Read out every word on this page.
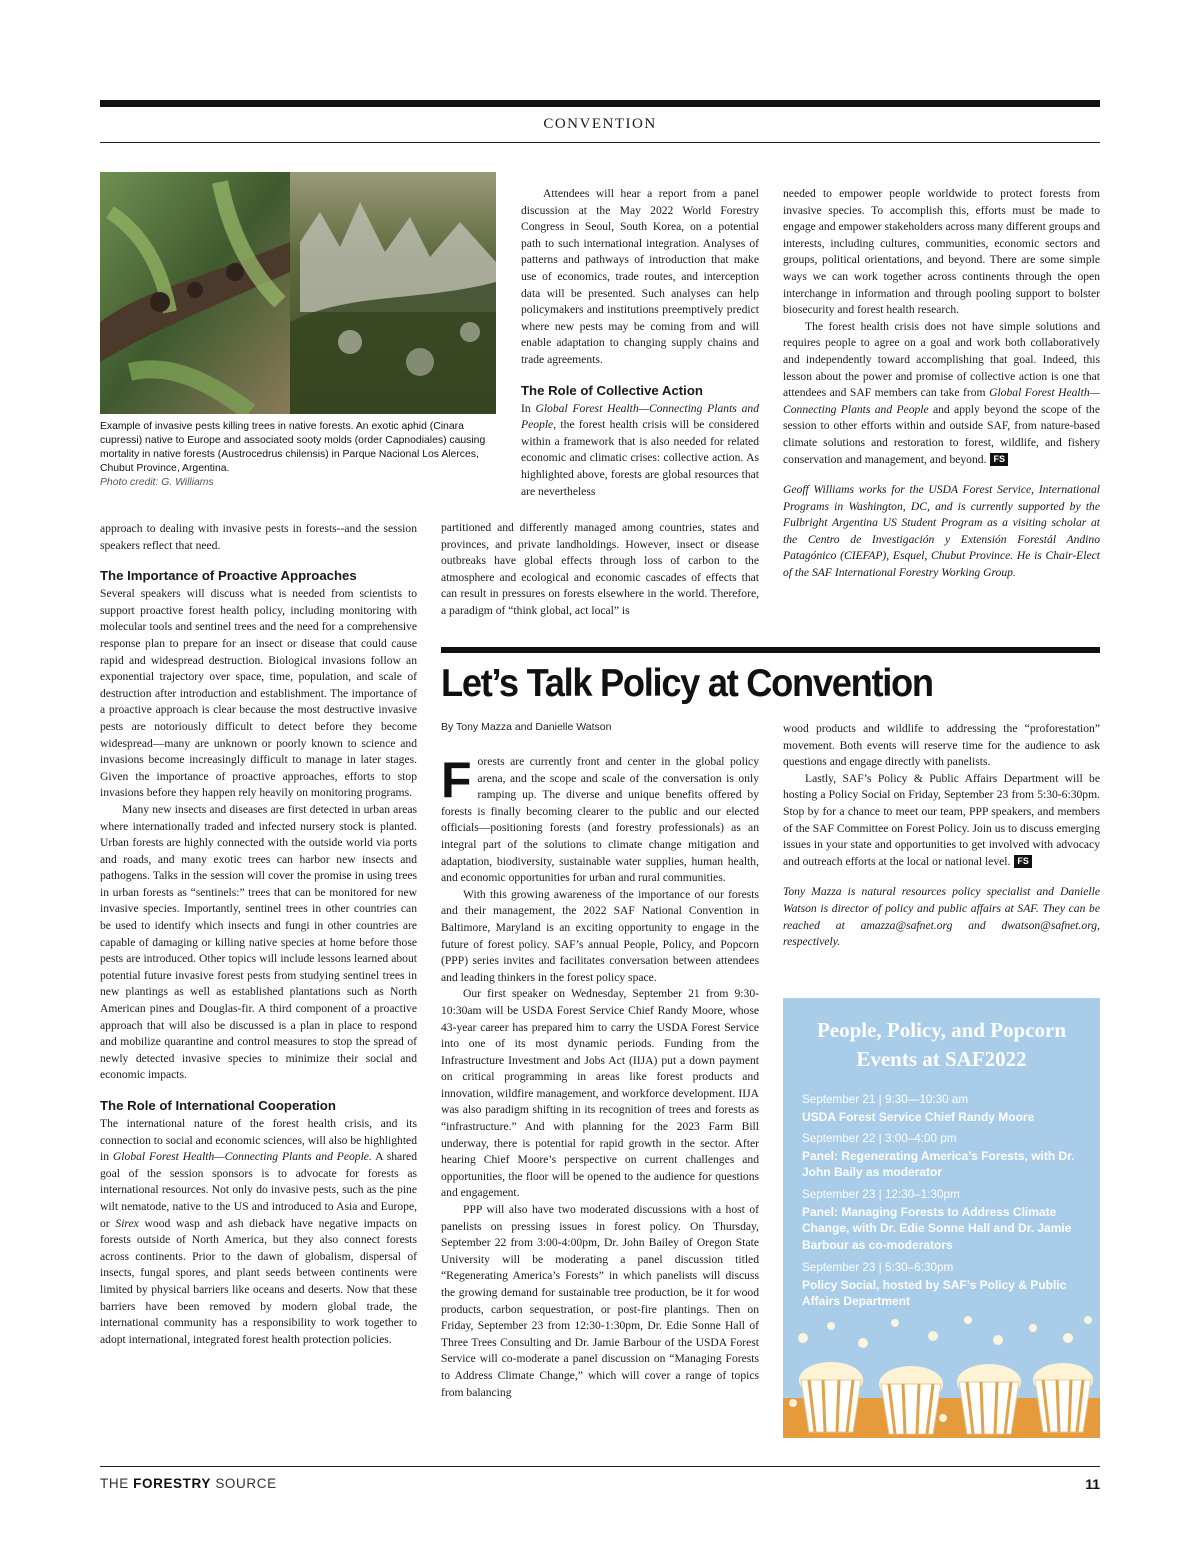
CONVENTION
Example of invasive pests killing trees in native forests. An exotic aphid (Cinara cupressi) native to Europe and associated sooty molds (order Capnodiales) causing mortality in native forests (Austrocedrus chilensis) in Parque Nacional Los Alerces, Chubut Province, Argentina.
Photo credit: G. Williams

approach to dealing with invasive pests in forests--and the session speakers reflect that need.

The Importance of Proactive Approaches

Several speakers will discuss what is needed from scientists to support proactive forest health policy, including monitoring with molecular tools and sentinel trees and the need for a comprehensive response plan to prepare for an insect or disease that could cause rapid and widespread destruction. Biological invasions follow an exponential trajectory over space, time, population, and scale of destruction after introduction and establishment. The importance of a proactive approach is clear because the most destructive invasive pests are notoriously difficult to detect before they become widespread—many are unknown or poorly known to science and invasions become increasingly difficult to manage in later stages. Given the importance of proactive approaches, efforts to stop invasions before they happen rely heavily on monitoring programs.

Many new insects and diseases are first detected in urban areas where internationally traded and infected nursery stock is planted. Urban forests are highly connected with the outside world via ports and roads, and many exotic trees can harbor new insects and pathogens. Talks in the session will cover the promise in using trees in urban forests as “sentinels:” trees that can be monitored for new invasive species. Importantly, sentinel trees in other countries can be used to identify which insects and fungi in other countries are capable of damaging or killing native species at home before those pests are introduced. Other topics will include lessons learned about potential future invasive forest pests from studying sentinel trees in new plantings as well as established plantations such as North American pines and Douglas-fir. A third component of a proactive approach that will also be discussed is a plan in place to respond and mobilize quarantine and control measures to stop the spread of newly detected invasive species to minimize their social and economic impacts.

The Role of International Cooperation

The international nature of the forest health crisis, and its connection to social and economic sciences, will also be highlighted in Global Forest Health—Connecting Plants and People. A shared goal of the session sponsors is to advocate for forests as international resources. Not only do invasive pests, such as the pine wilt nematode, native to the US and introduced to Asia and Europe, or Sirex wood wasp and ash dieback have negative impacts on forests outside of North America, but they also connect forests across continents. Prior to the dawn of globalism, dispersal of insects, fungal spores, and plant seeds between continents were limited by physical barriers like oceans and deserts. Now that these barriers have been removed by modern global trade, the international community has a responsibility to work together to adopt international, integrated forest health protection policies.

Attendees will hear a report from a panel discussion at the May 2022 World Forestry Congress in Seoul, South Korea, on a potential path to such international integration. Analyses of patterns and pathways of introduction that make use of economics, trade routes, and interception data will be presented. Such analyses can help policymakers and institutions preemptively predict where new pests may be coming from and will enable adaptation to changing supply chains and trade agreements.

The Role of Collective Action

In Global Forest Health—Connecting Plants and People, the forest health crisis will be considered within a framework that is also needed for related economic and climatic crises: collective action. As highlighted above, forests are global resources that are nevertheless

partitioned and differently managed among countries, states and provinces, and private landholdings. However, insect or disease outbreaks have global effects through loss of carbon to the atmosphere and ecological and economic cascades of effects that can result in pressures on forests elsewhere in the world. Therefore, a paradigm of “think global, act local” is

needed to empower people worldwide to protect forests from invasive species. To accomplish this, efforts must be made to engage and empower stakeholders across many different groups and interests, including cultures, communities, economic sectors and groups, political orientations, and beyond. There are some simple ways we can work together across continents through the open interchange in information and through pooling support to bolster biosecurity and forest health research.

The forest health crisis does not have simple solutions and requires people to agree on a goal and work both collaboratively and independently toward accomplishing that goal. Indeed, this lesson about the power and promise of collective action is one that attendees and SAF members can take from Global Forest Health—Connecting Plants and People and apply beyond the scope of the session to other efforts within and outside SAF, from nature-based climate solutions and restoration to forest, wildlife, and fishery conservation and management, and beyond. FS

Geoff Williams works for the USDA Forest Service, International Programs in Washington, DC, and is currently supported by the Fulbright Argentina US Student Program as a visiting scholar at the Centro de Investigación y Extensión Forestál Andino Patagónico (CIEFAP), Esquel, Chubut Province. He is Chair-Elect of the SAF International Forestry Working Group.

Let’s Talk Policy at Convention
By Tony Mazza and Danielle Watson

Forests are currently front and center in the global policy arena, and the scope and scale of the conversation is only ramping up. The diverse and unique benefits offered by forests is finally becoming clearer to the public and our elected officials—positioning forests (and forestry professionals) as an integral part of the solutions to climate change mitigation and adaptation, biodiversity, sustainable water supplies, human health, and economic opportunities for urban and rural communities.

With this growing awareness of the importance of our forests and their management, the 2022 SAF National Convention in Baltimore, Maryland is an exciting opportunity to engage in the future of forest policy. SAF’s annual People, Policy, and Popcorn (PPP) series invites and facilitates conversation between attendees and leading thinkers in the forest policy space.

Our first speaker on Wednesday, September 21 from 9:30-10:30am will be USDA Forest Service Chief Randy Moore, whose 43-year career has prepared him to carry the USDA Forest Service into one of its most dynamic periods. Funding from the Infrastructure Investment and Jobs Act (IIJA) put a down payment on critical programming in areas like forest products and innovation, wildfire management, and workforce development. IIJA was also paradigm shifting in its recognition of trees and forests as “infrastructure.” And with planning for the 2023 Farm Bill underway, there is potential for rapid growth in the sector. After hearing Chief Moore’s perspective on current challenges and opportunities, the floor will be opened to the audience for questions and engagement.

PPP will also have two moderated discussions with a host of panelists on pressing issues in forest policy. On Thursday, September 22 from 3:00-4:00pm, Dr. John Bailey of Oregon State University will be moderating a panel discussion titled “Regenerating America’s Forests” in which panelists will discuss the growing demand for sustainable tree production, be it for wood products, carbon sequestration, or post-fire plantings. Then on Friday, September 23 from 12:30-1:30pm, Dr. Edie Sonne Hall of Three Trees Consulting and Dr. Jamie Barbour of the USDA Forest Service will co-moderate a panel discussion on “Managing Forests to Address Climate Change,” which will cover a range of topics from balancing

wood products and wildlife to addressing the “proforestation” movement. Both events will reserve time for the audience to ask questions and engage directly with panelists.

Lastly, SAF’s Policy & Public Affairs Department will be hosting a Policy Social on Friday, September 23 from 5:30-6:30pm. Stop by for a chance to meet our team, PPP speakers, and members of the SAF Committee on Forest Policy. Join us to discuss emerging issues in your state and opportunities to get involved with advocacy and outreach efforts at the local or national level. FS

Tony Mazza is natural resources policy specialist and Danielle Watson is director of policy and public affairs at SAF. They can be reached at amazza@safnet.org and dwatson@safnet.org, respectively.

People, Policy, and Popcorn
Events at SAF2022
September 21 | 9:30—10:30 am
USDA Forest Service Chief Randy Moore
September 22 | 3:00–4:00 pm
Panel: Regenerating America’s Forests, with Dr. John Baily as moderator
September 23 | 12:30–1:30pm
Panel: Managing Forests to Address Climate Change, with Dr. Edie Sonne Hall and Dr. Jamie Barbour as co-moderators
September 23 | 5:30–6:30pm
Policy Social, hosted by SAF’s Policy & Public Affairs Department
THE FORESTRY SOURCE	11
